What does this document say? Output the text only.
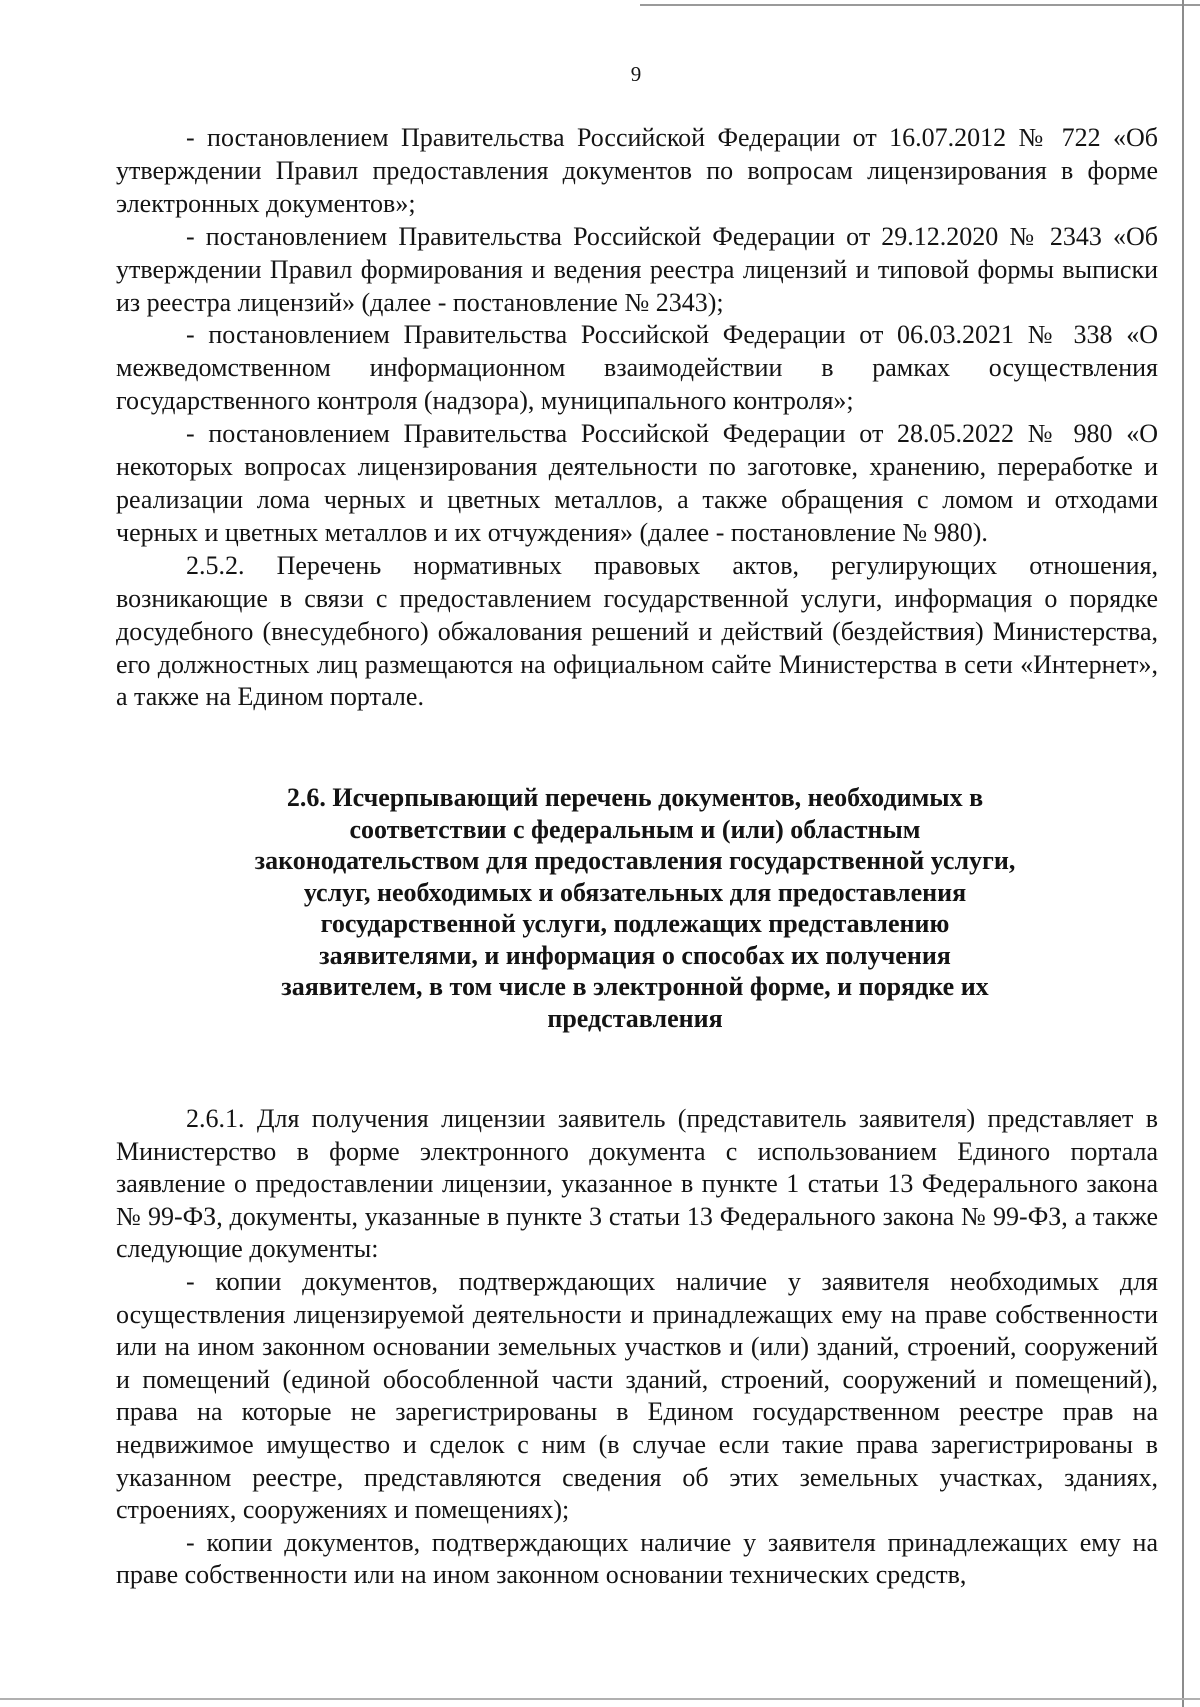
9

- постановлением Правительства Российской Федерации от 16.07.2012 № 722 «Об утверждении Правил предоставления документов по вопросам лицензирования в форме электронных документов»;

- постановлением Правительства Российской Федерации от 29.12.2020 № 2343 «Об утверждении Правил формирования и ведения реестра лицензий и типовой формы выписки из реестра лицензий» (далее - постановление № 2343);

- постановлением Правительства Российской Федерации от 06.03.2021 № 338 «О межведомственном информационном взаимодействии в рамках осуществления государственного контроля (надзора), муниципального контроля»;

- постановлением Правительства Российской Федерации от 28.05.2022 № 980 «О некоторых вопросах лицензирования деятельности по заготовке, хранению, переработке и реализации лома черных и цветных металлов, а также обращения с ломом и отходами черных и цветных металлов и их отчуждения» (далее - постановление № 980).

2.5.2. Перечень нормативных правовых актов, регулирующих отношения, возникающие в связи с предоставлением государственной услуги, информация о порядке досудебного (внесудебного) обжалования решений и действий (бездействия) Министерства, его должностных лиц размещаются на официальном сайте Министерства в сети «Интернет», а также на Едином портале.

2.6. Исчерпывающий перечень документов, необходимых в соответствии с федеральным и (или) областным законодательством для предоставления государственной услуги, услуг, необходимых и обязательных для предоставления государственной услуги, подлежащих представлению заявителями, и информация о способах их получения заявителем, в том числе в электронной форме, и порядке их представления

2.6.1. Для получения лицензии заявитель (представитель заявителя) представляет в Министерство в форме электронного документа с использованием Единого портала заявление о предоставлении лицензии, указанное в пункте 1 статьи 13 Федерального закона № 99-ФЗ, документы, указанные в пункте 3 статьи 13 Федерального закона № 99-ФЗ, а также следующие документы:

- копии документов, подтверждающих наличие у заявителя необходимых для осуществления лицензируемой деятельности и принадлежащих ему на праве собственности или на ином законном основании земельных участков и (или) зданий, строений, сооружений и помещений (единой обособленной части зданий, строений, сооружений и помещений), права на которые не зарегистрированы в Едином государственном реестре прав на недвижимое имущество и сделок с ним (в случае если такие права зарегистрированы в указанном реестре, представляются сведения об этих земельных участках, зданиях, строениях, сооружениях и помещениях);

- копии документов, подтверждающих наличие у заявителя принадлежащих ему на праве собственности или на ином законном основании технических средств,
